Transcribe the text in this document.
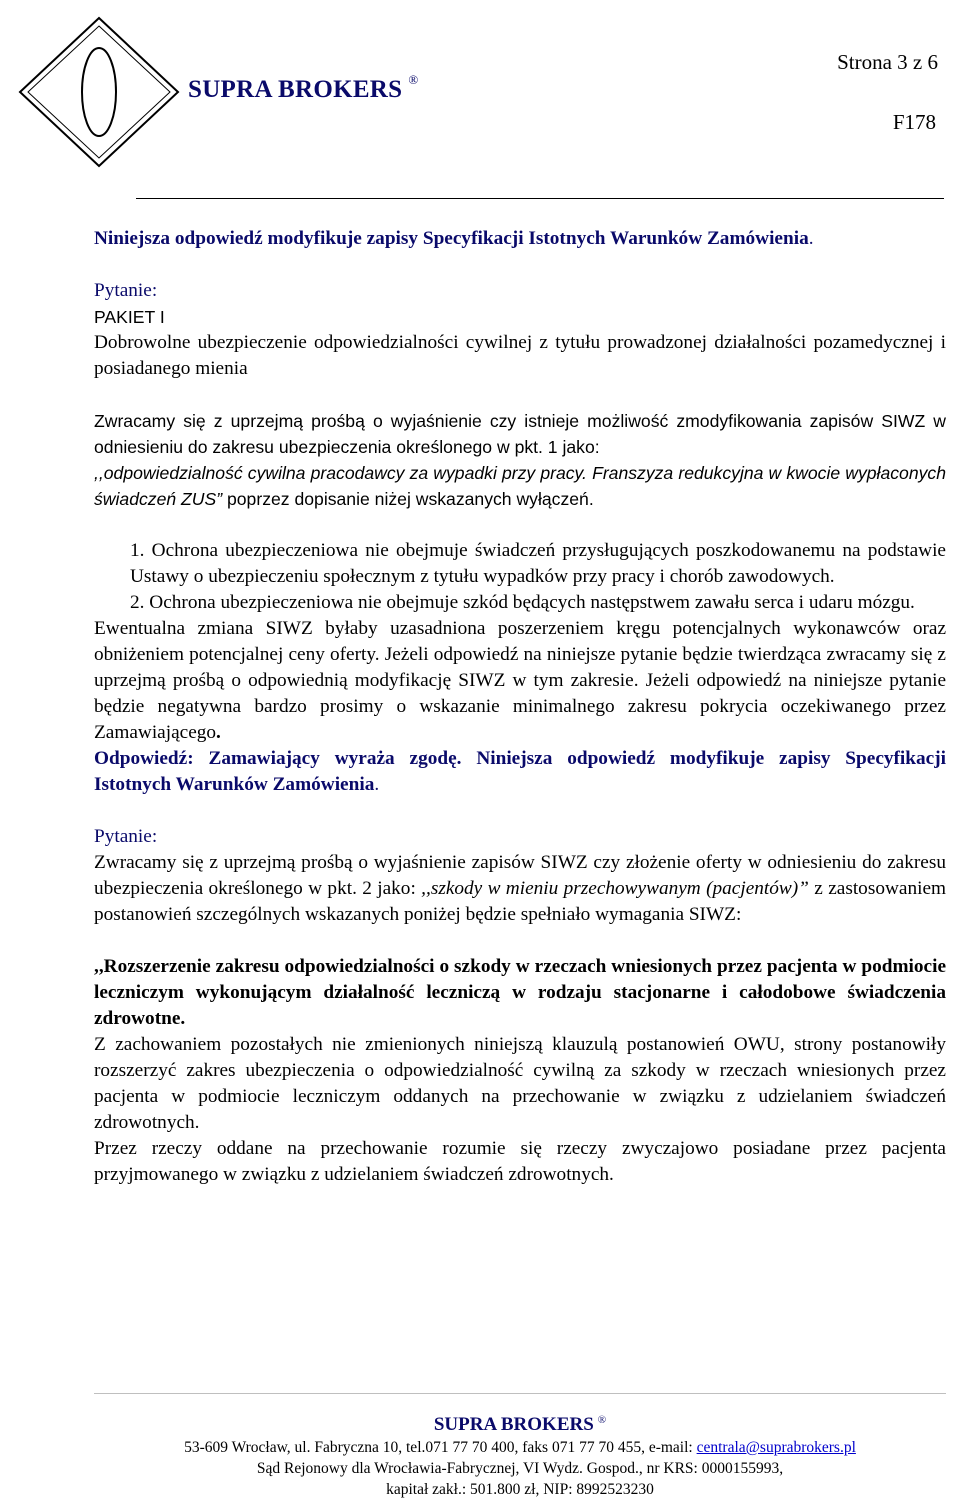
SUPRA BROKERS ®
Strona 3 z 6
F178

Niniejsza odpowiedź modyfikuje zapisy Specyfikacji Istotnych Warunków Zamówienia.

Pytanie:

PAKIET I

Dobrowolne ubezpieczenie odpowiedzialności cywilnej z tytułu prowadzonej działalności pozamedycznej i posiadanego mienia

Zwracamy się z uprzejmą prośbą o wyjaśnienie czy istnieje możliwość zmodyfikowania zapisów SIWZ w odniesieniu do zakresu ubezpieczenia określonego w pkt. 1 jako:
,,odpowiedzialność cywilna pracodawcy za wypadki przy pracy. Franszyza redukcyjna w kwocie wypłaconych świadczeń ZUS” poprzez dopisanie niżej wskazanych wyłączeń.

1. Ochrona ubezpieczeniowa nie obejmuje świadczeń przysługujących poszkodowanemu na podstawie Ustawy o ubezpieczeniu społecznym z tytułu wypadków przy pracy i chorób zawodowych.

2. Ochrona ubezpieczeniowa nie obejmuje szkód będących następstwem zawału serca i udaru mózgu.

Ewentualna zmiana SIWZ byłaby uzasadniona poszerzeniem kręgu potencjalnych wykonawców oraz obniżeniem potencjalnej ceny oferty. Jeżeli odpowiedź na niniejsze pytanie będzie twierdząca zwracamy się z uprzejmą prośbą o odpowiednią modyfikację SIWZ w tym zakresie. Jeżeli odpowiedź na niniejsze pytanie będzie negatywna bardzo prosimy o wskazanie minimalnego zakresu pokrycia oczekiwanego przez Zamawiającego.

Odpowiedź: Zamawiający wyraża zgodę. Niniejsza odpowiedź modyfikuje zapisy Specyfikacji Istotnych Warunków Zamówienia.

Pytanie:

Zwracamy się z uprzejmą prośbą o wyjaśnienie zapisów SIWZ czy złożenie oferty w odniesieniu do zakresu ubezpieczenia określonego w pkt. 2 jako: ,,szkody w mieniu przechowywanym (pacjentów)” z zastosowaniem postanowień szczególnych wskazanych poniżej będzie spełniało wymagania SIWZ:

,,Rozszerzenie zakresu odpowiedzialności o szkody w rzeczach wniesionych przez pacjenta w podmiocie leczniczym wykonującym działalność leczniczą w rodzaju stacjonarne i całodobowe świadczenia zdrowotne.

Z zachowaniem pozostałych nie zmienionych niniejszą klauzulą postanowień OWU, strony postanowiły rozszerzyć zakres ubezpieczenia o odpowiedzialność cywilną za szkody w rzeczach wniesionych przez pacjenta w podmiocie leczniczym oddanych na przechowanie w związku z udzielaniem świadczeń zdrowotnych.

Przez rzeczy oddane na przechowanie rozumie się rzeczy zwyczajowo posiadane przez pacjenta przyjmowanego w związku z udzielaniem świadczeń zdrowotnych.

SUPRA BROKERS ®
53-609 Wrocław, ul. Fabryczna 10, tel.071 77 70 400, faks 071 77 70 455, e-mail: centrala@suprabrokers.pl
Sąd Rejonowy dla Wrocławia-Fabrycznej, VI Wydz. Gospod., nr KRS: 0000155993,
kapitał zakł.: 501.800 zł, NIP: 8992523230
